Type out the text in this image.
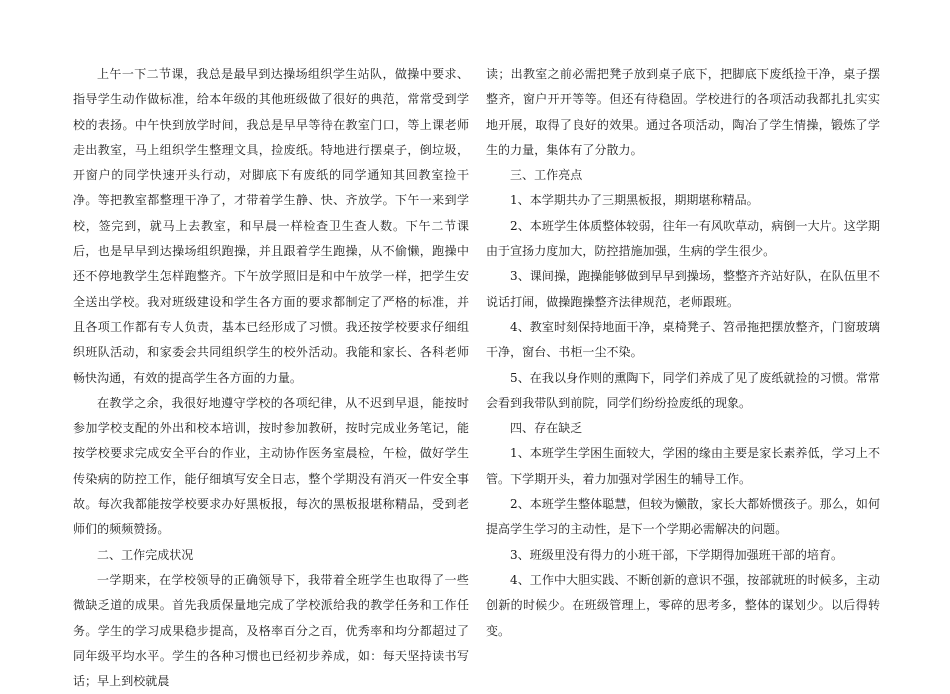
上午一下二节课，我总是最早到达操场组织学生站队，做操中要求、指导学生动作做标准，给本年级的其他班级做了很好的典范，常常受到学校的表扬。中午快到放学时间，我总是早早等待在教室门口，等上课老师走出教室，马上组织学生整理文具，捡废纸。特地进行摆桌子，倒垃圾，开窗户的同学快速开头行动，对脚底下有废纸的同学通知其回教室捡干净。等把教室都整理干净了，才带着学生静、快、齐放学。下午一来到学校，签完到，就马上去教室，和早晨一样检查卫生查人数。下午二节课后，也是早早到达操场组织跑操，并且跟着学生跑操，从不偷懒，跑操中还不停地教学生怎样跑整齐。下午放学照旧是和中午放学一样，把学生安全送出学校。我对班级建设和学生各方面的要求都制定了严格的标准，并且各项工作都有专人负责，基本已经形成了习惯。我还按学校要求仔细组织班队活动，和家委会共同组织学生的校外活动。我能和家长、各科老师畅快沟通，有效的提高学生各方面的力量。

在教学之余，我很好地遵守学校的各项纪律，从不迟到早退，能按时参加学校支配的外出和校本培训，按时参加教研，按时完成业务笔记，能按学校要求完成安全平台的作业，主动协作医务室晨检，午检，做好学生传染病的防控工作，能仔细填写安全日志，整个学期没有消灭一件安全事故。每次我都能按学校要求办好黑板报，每次的黑板报堪称精品，受到老师们的频频赞扬。

二、工作完成状况

一学期来，在学校领导的正确领导下，我带着全班学生也取得了一些微缺乏道的成果。首先我质保量地完成了学校派给我的教学任务和工作任务。学生的学习成果稳步提高，及格率百分之百，优秀率和均分都超过了同年级平均水平。学生的各种习惯也已经初步养成，如：每天坚持读书写话；早上到校就晨

读；出教室之前必需把凳子放到桌子底下，把脚底下废纸捡干净，桌子摆整齐，窗户开开等等。但还有待稳固。学校进行的各项活动我都扎扎实实地开展，取得了良好的效果。通过各项活动，陶冶了学生情操，锻炼了学生的力量，集体有了分散力。

三、工作亮点

1、本学期共办了三期黑板报，期期堪称精品。

2、本班学生体质整体较弱，往年一有风吹草动，病倒一大片。这学期由于宣扬力度加大，防控措施加强，生病的学生很少。

3、课间操，跑操能够做到早早到操场，整整齐齐站好队，在队伍里不说话打闹，做操跑操整齐法律规范，老师跟班。

4、教室时刻保持地面干净，桌椅凳子、笤帚拖把摆放整齐，门窗玻璃干净，窗台、书柜一尘不染。

5、在我以身作则的熏陶下，同学们养成了见了废纸就捡的习惯。常常会看到我带队到前院，同学们纷纷捡废纸的现象。

四、存在缺乏

1、本班学生学困生面较大，学困的缘由主要是家长素养低，学习上不管。下学期开头，着力加强对学困生的辅导工作。

2、本班学生整体聪慧，但较为懒散，家长大都娇惯孩子。那么，如何提高学生学习的主动性，是下一个学期必需解决的问题。

3、班级里没有得力的小班干部，下学期得加强班干部的培育。

4、工作中大胆实践、不断创新的意识不强，按部就班的时候多，主动创新的时候少。在班级管理上，零碎的思考多，整体的谋划少。以后得转变。
